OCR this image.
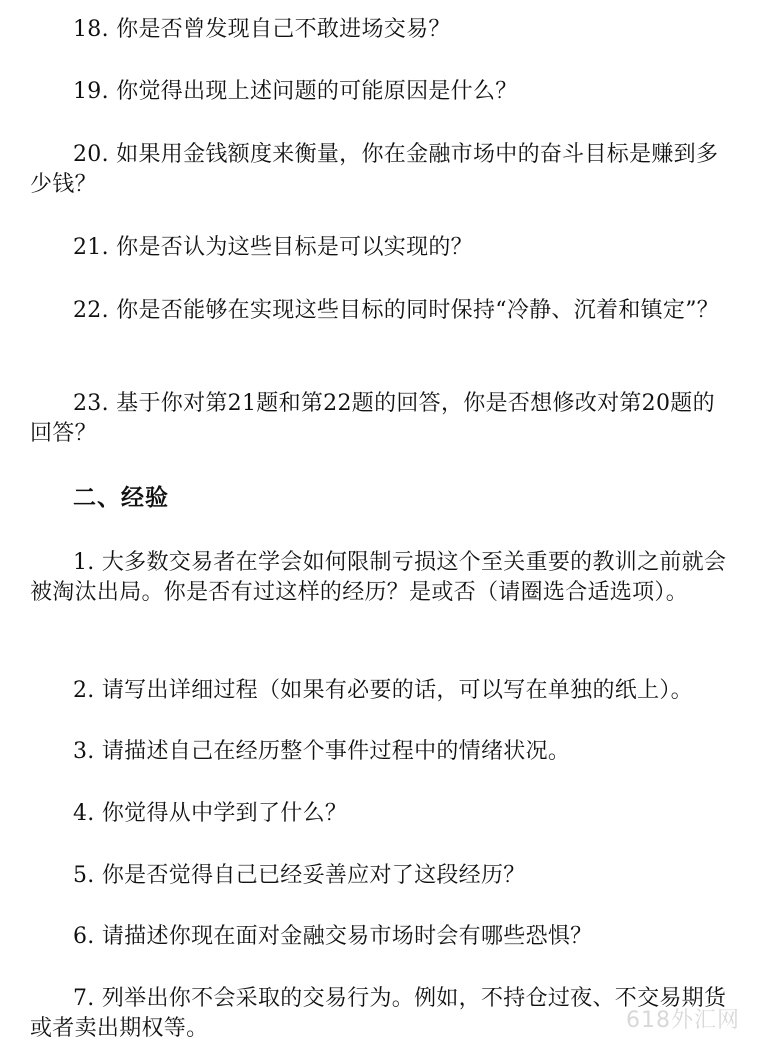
18. 你是否曾发现自己不敢进场交易？

19. 你觉得出现上述问题的可能原因是什么？

20. 如果用金钱额度来衡量，你在金融市场中的奋斗目标是赚到多少钱？

21. 你是否认为这些目标是可以实现的？

22. 你是否能够在实现这些目标的同时保持“冷静、沉着和镇定”？

23. 基于你对第21题和第22题的回答，你是否想修改对第20题的回答？

二、经验

1. 大多数交易者在学会如何限制亏损这个至关重要的教训之前就会被淘汰出局。你是否有过这样的经历？是或否（请圈选合适选项）。

2. 请写出详细过程（如果有必要的话，可以写在单独的纸上）。

3. 请描述自己在经历整个事件过程中的情绪状况。

4. 你觉得从中学到了什么？

5. 你是否觉得自己已经妥善应对了这段经历？

6. 请描述你现在面对金融交易市场时会有哪些恐惧？

7. 列举出你不会采取的交易行为。例如，不持仓过夜、不交易期货或者卖出期权等。	618外汇网
